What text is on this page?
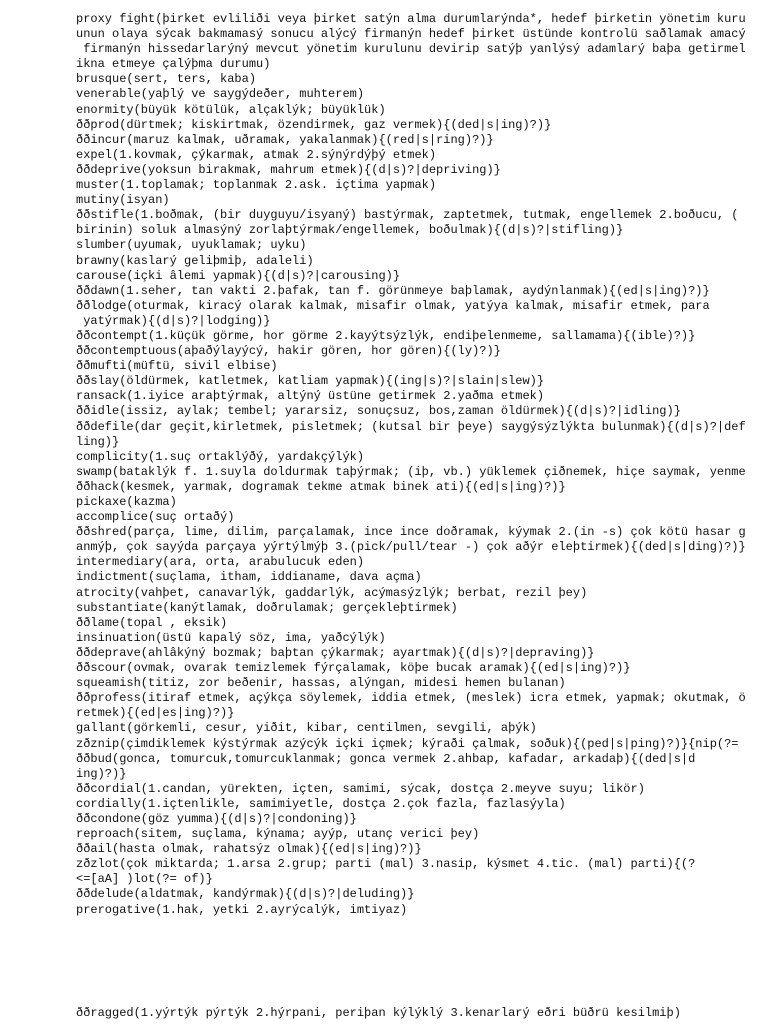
proxy fight(þirket evliliði veya þirket satýn alma durumlarýnda*, hedef þirketin yönetim kuru
unun olaya sýcak bakmamasý sonucu alýcý firmanýn hedef þirket üstünde kontrolü saðlamak amacý
firmanýn hissedarlarýný mevcut yönetim kurulunu devirip satýþ yanlýsý adamlarý baþa getirmel
ikna etmeye çalýþma durumu)
brusque(sert, ters, kaba)
venerable(yaþlý ve saygýdeðer, muhterem)
enormity(büyük kötülük, alçaklýk; büyüklük)
ððprod(dürtmek; kiskirtmak, özendirmek, gaz vermek){(ded|s|ing)?)}
ððincur(maruz kalmak, uðramak, yakalanmak){(red|s|ring)?)}
expel(1.kovmak, çýkarmak, atmak 2.sýnýrdýþý etmek)
ððdeprive(yoksun birakmak, mahrum etmek){(d|s)?|depriving)}
muster(1.toplamak; toplanmak 2.ask. içtima yapmak)
mutiny(isyan)
ððstifle(1.boðmak, (bir duyguyu/isyaný) bastýrmak, zaptetmek, tutmak, engellemek 2.boðucu, (
birinin) soluk almasýný zorlaþtýrmak/engellemek, boðulmak){(d|s)?|stifling)}
slumber(uyumak, uyuklamak; uyku)
brawny(kaslarý geliþmiþ, adaleli)
carouse(içki âlemi yapmak){(d|s)?|carousing)}
ððdawn(1.seher, tan vakti 2.þafak, tan f. görünmeye baþlamak, aydýnlanmak){(ed|s|ing)?)}
ððlodge(oturmak, kiracý olarak kalmak, misafir olmak, yatýya kalmak, misafir etmek, para
yatýrmak){(d|s)?|lodging)}
ððcontempt(1.küçük görme, hor görme 2.kayýtsýzlýk, endiþelenmeme, sallamama){(ible)?)}
ððcontemptuous(aþaðýlayýcý, hakir gören, hor gören){(ly)?)}
ððmufti(müftü, sivil elbise)
ððslay(öldürmek, katletmek, katliam yapmak){(ing|s)?|slain|slew)}
ransack(1.iyice araþtýrmak, altýný üstüne getirmek 2.yaðma etmek)
ððidle(issiz, aylak; tembel; yararsiz, sonuçsuz, bos,zaman öldürmek){(d|s)?|idling)}
ððdefile(dar geçit,kirletmek, pisletmek; (kutsal bir þeye) saygýsýzlýkta bulunmak){(d|s)?|def
ling)}
complicity(1.suç ortaklýðý, yardakçýlýk)
swamp(bataklýk f. 1.suyla doldurmak taþýrmak; (iþ, vb.) yüklemek çiðnemek, hiçe saymak, yenme
ððhack(kesmek, yarmak, dogramak tekme atmak binek ati){(ed|s|ing)?)}
pickaxe(kazma)
accomplice(suç ortaðý)
ððshred(parça, lime, dilim, parçalamak, ince ince doðramak, kýymak 2.(in -s) çok kötü hasar g
anmýþ, çok sayýda parçaya yýrtýlmýþ 3.(pick/pull/tear -) çok aðýr eleþtirmek){(ded|s|ding)?)}
intermediary(ara, orta, arabulucuk eden)
indictment(suçlama, itham, iddianame, dava açma)
atrocity(vahþet, canavarlýk, gaddarlýk, acýmasýzlýk; berbat, rezil þey)
substantiate(kanýtlamak, doðrulamak; gerçekleþtirmek)
ððlame(topal , eksik)
insinuation(üstü kapalý söz, ima, yaðcýlýk)
ððdeprave(ahlâkýný bozmak; baþtan çýkarmak; ayartmak){(d|s)?|depraving)}
ððscour(ovmak, ovarak temizlemek fýrçalamak, köþe bucak aramak){(ed|s|ing)?)}
squeamish(titiz, zor beðenir, hassas, alýngan, midesi hemen bulanan)
ððprofess(itiraf etmek, açýkça söylemek, iddia etmek, (meslek) icra etmek, yapmak; okutmak, ö
retmek){(ed|es|ing)?)}
gallant(görkemli, cesur, yiðit, kibar, centilmen, sevgili, aþýk)
zðznip(çimdiklemek kýstýrmak azýcýk içki içmek; kýraði çalmak, soðuk){(ped|s|ping)?)}{nip(?=
ððbud(gonca, tomurcuk,tomurcuklanmak; gonca vermek 2.ahbap, kafadar, arkadaþ){(ded|s|d
ing)?)}
ððcordial(1.candan, yürekten, içten, samimi, sýcak, dostça 2.meyve suyu; likör)
cordially(1.içtenlikle, samimiyetle, dostça 2.çok fazla, fazlasýyla)
ððcondone(göz yumma){(d|s)?|condoning)}
reproach(sitem, suçlama, kýnama; ayýp, utanç verici þey)
ððail(hasta olmak, rahatsýz olmak){(ed|s|ing)?)}
zðzlot(çok miktarda; 1.arsa 2.grup; parti (mal) 3.nasip, kýsmet 4.tic. (mal) parti){(?
<=[aA] )lot(?= of)}
ððdelude(aldatmak, kandýrmak){(d|s)?|deluding)}
prerogative(1.hak, yetki 2.ayrýcalýk, imtiyaz)
ððragged(1.yýrtýk pýrtýk 2.hýrpani, periþan kýlýklý 3.kenarlarý eðri büðrü kesilmiþ)
